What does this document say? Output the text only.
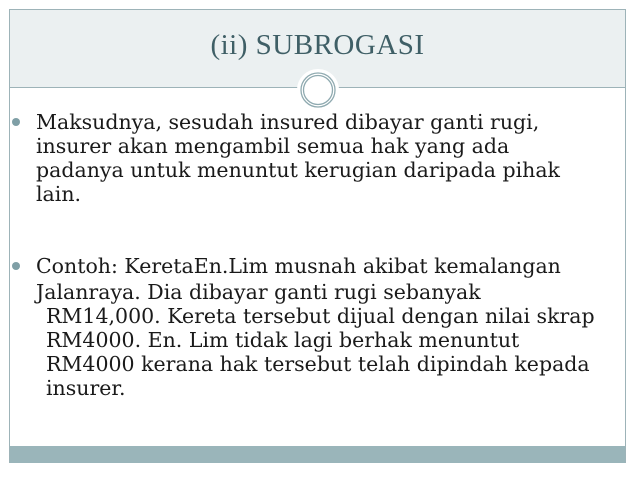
(ii) SUBROGASI
Maksudnya, sesudah insured dibayar ganti rugi,
insurer akan mengambil semua hak yang ada
padanya untuk menuntut kerugian daripada pihak
lain.
Contoh: KeretaEn.Lim musnah akibat kemalangan
Jalanraya. Dia dibayar ganti rugi sebanyak
RM14,000. Kereta tersebut dijual dengan nilai skrap
RM4000. En. Lim tidak lagi berhak menuntut
RM4000 kerana hak tersebut telah dipindah kepada
insurer.
